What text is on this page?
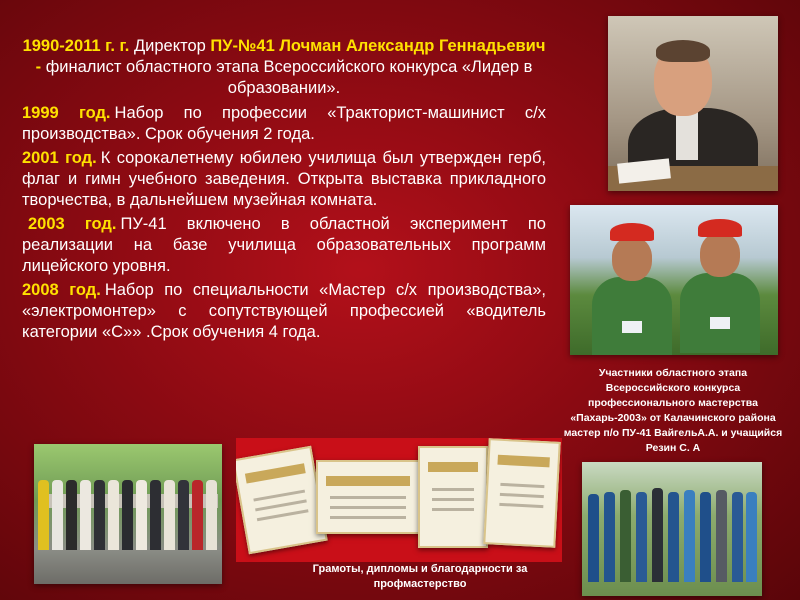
1990-2011 г. г. Директор ПУ-№41 Лочман Александр Геннадьевич - финалист областного этапа Всероссийского конкурса «Лидер в образовании».

1999 год. Набор по профессии «Тракторист-машинист с/х производства». Срок обучения 2 года.

2001 год. К сорокалетнему юбилею училища был утвержден герб, флаг и гимн учебного заведения. Открыта выставка прикладного творчества, в дальнейшем музейная комната.

2003 год. ПУ-41 включено в областной эксперимент по реализации на базе училища образовательных программ лицейского уровня.

2008 год. Набор по специальности «Мастер с/х производства», «электромонтер» с сопутствующей профессией «водитель категории «С»» .Срок обучения 4 года.

Участники областного этапа Всероссийского конкурса профессионального мастерства «Пахарь-2003» от Калачинского района мастер п/о ПУ-41 ВайгельА.А. и учащийся Резин С. А

Грамоты, дипломы и благодарности за профмастерство
